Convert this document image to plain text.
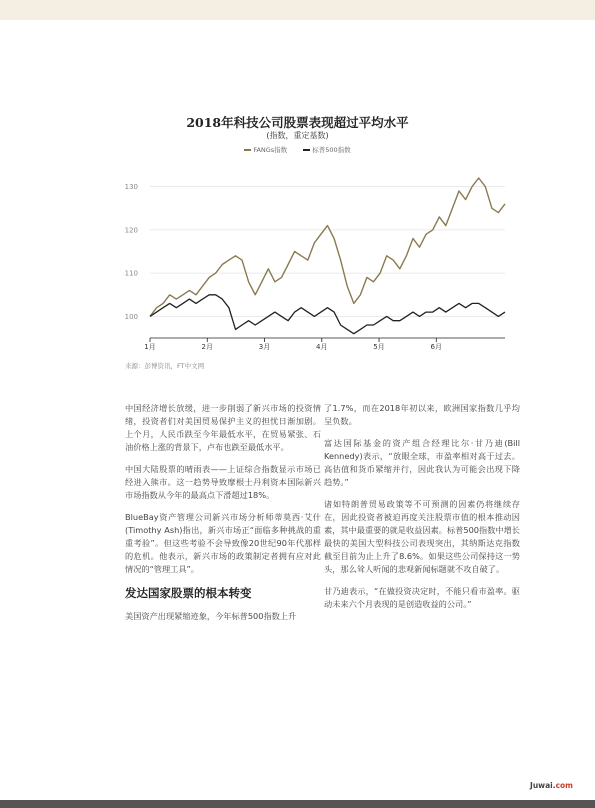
2018年科技公司股票表现超过平均水平
(指数，重定基数)
FANGs指数	标普500指数
100
110
120
130
1月	2月	3月	4月	5月	6月
来源：彭博资讯，FT中文网

中国经济增长放缓，进一步削弱了新兴市场的投资情绪，投资者们对美国贸易保护主义的担忧日渐加剧。上个月，人民币跌至今年最低水平，在贸易紧张、石油价格上涨的背景下，卢布也跌至最低水平。

中国大陆股票的晴雨表——上证综合指数显示市场已经进入熊市。这一趋势导致摩根士丹利资本国际新兴市场指数从今年的最高点下滑超过18%。

BlueBay资产管理公司新兴市场分析师蒂莫西·艾什(Timothy Ash)指出，新兴市场正“面临多种挑战的重重考验”。但这些考验不会导致像20世纪90年代那样的危机。他表示，新兴市场的政策制定者拥有应对此情况的“管理工具”。

发达国家股票的根本转变

美国资产出现紧缩迹象，今年标普500指数上升

了1.7%，而在2018年初以来，欧洲国家指数几乎均呈负数。

富达国际基金的资产组合经理比尔·甘乃迪(Bill Kennedy)表示，“放眼全球，市盈率相对高于过去。高估值和货币紧缩并行，因此我认为可能会出现下降趋势。”

诸如特朗普贸易政策等不可预测的因素仍将继续存在，因此投资者被迫再度关注股票市值的根本推动因素，其中最重要的就是收益因素。标普500指数中增长最快的美国大型科技公司表现突出，其纳斯达克指数截至目前为止上升了8.6%。如果这些公司保持这一势头，那么耸人听闻的悲观新闻标题就不攻自破了。

甘乃迪表示，“在做投资决定时，不能只看市盈率。驱动未来六个月表现的是创造收益的公司。”

Juwai.com
